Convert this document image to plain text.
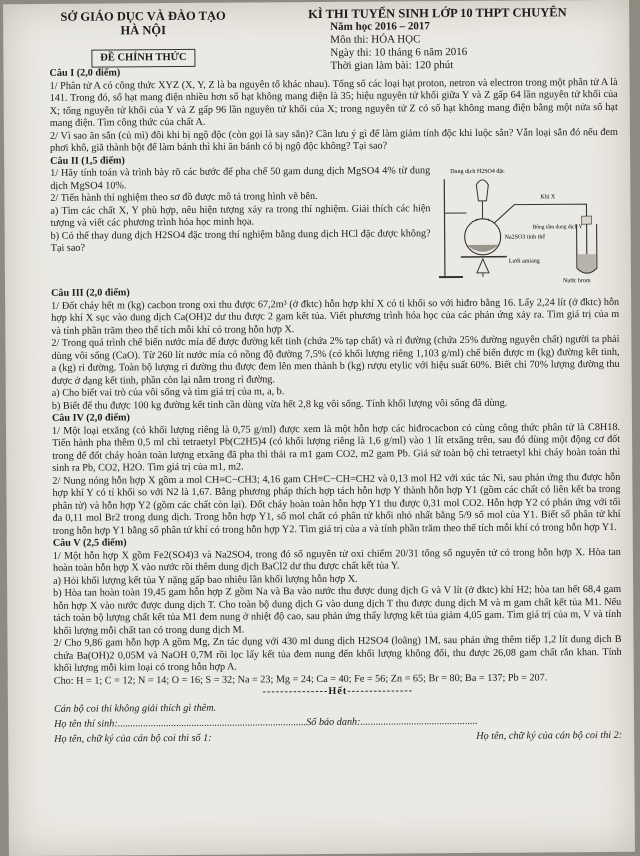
SỞ GIÁO DỤC VÀ ĐÀO TẠO
HÀ NỘI
ĐỀ CHÍNH THỨC
KÌ THI TUYỂN SINH LỚP 10 THPT CHUYÊN
Năm học 2016 – 2017
Môn thi: HÓA HỌC
Ngày thi: 10 tháng 6 năm 2016
Thời gian làm bài: 120 phút

Câu I (2,0 điểm)

1/ Phân tử A có công thức XYZ (X, Y, Z là ba nguyên tố khác nhau). Tổng số các loại hạt proton, netron và electron trong một phân tử A là 141. Trong đó, số hạt mang điện nhiều hơn số hạt không mang điện là 35; hiệu nguyên tử khối giữa Y và Z gấp 64 lần nguyên tử khối của X; tổng nguyên tử khối của Y và Z gấp 96 lần nguyên tử khối của X; trong nguyên tử Z có số hạt không mang điện bằng một nửa số hạt mang điện. Tìm công thức của chất A.

2/ Vì sao ăn sắn (củ mì) đôi khi bị ngộ độc (còn gọi là say sắn)? Cần lưu ý gì để làm giảm tính độc khi luộc sắn? Vẫn loại sắn đó nếu đem phơi khô, giã thành bột để làm bánh thì khi ăn bánh có bị ngộ độc không? Tại sao?

Câu II (1,5 điểm)

Dung dịch H2SO4 đặc
Khí X
Na2SO3 tinh thể
Lưới amiang
Bông tẩm dung dịch Y
Nước brom

1/ Hãy tính toán và trình bày rõ các bước để pha chế 50 gam dung dịch MgSO4 4% từ dung dịch MgSO4 10%.

2/ Tiến hành thí nghiệm theo sơ đồ được mô tả trong hình vẽ bên.

a) Tìm các chất X, Y phù hợp, nêu hiện tượng xảy ra trong thí nghiệm. Giải thích các hiện tượng và viết các phương trình hóa học minh họa.

b) Có thể thay dung dịch H2SO4 đặc trong thí nghiệm bằng dung dịch HCl đặc được không? Tại sao?

Câu III (2,0 điểm)

1/ Đốt cháy hết m (kg) cacbon trong oxi thu được 67,2m³ (ở đktc) hỗn hợp khí X có tỉ khối so với hiđro bằng 16. Lấy 2,24 lít (ở đktc) hỗn hợp khí X sục vào dung dịch Ca(OH)2 dư thu được 2 gam kết tủa. Viết phương trình hóa học của các phản ứng xảy ra. Tìm giá trị của m và tính phần trăm theo thể tích mỗi khí có trong hỗn hợp X.

2/ Trong quá trình chế biến nước mía để được đường kết tinh (chứa 2% tạp chất) và rỉ đường (chứa 25% đường nguyên chất) người ta phải dùng vôi sống (CaO). Từ 260 lít nước mía có nồng độ đường 7,5% (có khối lượng riêng 1,103 g/ml) chế biến được m (kg) đường kết tinh, a (kg) rỉ đường. Toàn bộ lượng rỉ đường thu được đem lên men thành b (kg) rượu etylic với hiệu suất 60%. Biết chỉ 70% lượng đường thu được ở dạng kết tinh, phần còn lại nằm trong rỉ đường.

a) Cho biết vai trò của vôi sống và tìm giá trị của m, a, b.

b) Biết để thu được 100 kg đường kết tinh cần dùng vừa hết 2,8 kg vôi sống. Tính khối lượng vôi sống đã dùng.

Câu IV (2,0 điểm)

1/ Một loại etxăng (có khối lượng riêng là 0,75 g/ml) được xem là một hỗn hợp các hiđrocacbon có cùng công thức phân tử là C8H18. Tiến hành pha thêm 0,5 ml chì tetraetyl Pb(C2H5)4 (có khối lượng riêng là 1,6 g/ml) vào 1 lít etxăng trên, sau đó dùng một động cơ đốt trong để đốt cháy hoàn toàn lượng etxăng đã pha thì thải ra m1 gam CO2, m2 gam Pb. Giả sử toàn bộ chì tetraetyl khi cháy hoàn toàn thì sinh ra Pb, CO2, H2O. Tìm giá trị của m1, m2.

2/ Nung nóng hỗn hợp X gồm a mol CH≡C−CH3; 4,16 gam CH≡C−CH=CH2 và 0,13 mol H2 với xúc tác Ni, sau phản ứng thu được hỗn hợp khí Y có tỉ khối so với N2 là 1,67. Bằng phương pháp thích hợp tách hỗn hợp Y thành hỗn hợp Y1 (gồm các chất có liên kết ba trong phân tử) và hỗn hợp Y2 (gồm các chất còn lại). Đốt cháy hoàn toàn hỗn hợp Y1 thu được 0,31 mol CO2. Hỗn hợp Y2 có phản ứng với tối đa 0,11 mol Br2 trong dung dịch. Trong hỗn hợp Y1, số mol chất có phân tử khối nhỏ nhất bằng 5/9 số mol của Y1. Biết số phân tử khí trong hỗn hợp Y1 bằng số phân tử khí có trong hỗn hợp Y2. Tìm giá trị của a và tính phần trăm theo thể tích mỗi khí có trong hỗn hợp Y1.

Câu V (2,5 điểm)

1/ Một hỗn hợp X gồm Fe2(SO4)3 và Na2SO4, trong đó số nguyên tử oxi chiếm 20/31 tổng số nguyên tử có trong hỗn hợp X. Hòa tan hoàn toàn hỗn hợp X vào nước rồi thêm dung dịch BaCl2 dư thu được chất kết tủa Y.

a) Hỏi khối lượng kết tủa Y nặng gấp bao nhiêu lần khối lượng hỗn hợp X.

b) Hòa tan hoàn toàn 19,45 gam hỗn hợp Z gồm Na và Ba vào nước thu được dung dịch G và V lít (ở đktc) khí H2; hòa tan hết 68,4 gam hỗn hợp X vào nước được dung dịch T. Cho toàn bộ dung dịch G vào dung dịch T thu được dung dịch M và m gam chất kết tủa M1. Nếu tách toàn bộ lượng chất kết tủa M1 đem nung ở nhiệt độ cao, sau phản ứng thấy lượng kết tủa giảm 4,05 gam. Tìm giá trị của m, V và tính khối lượng mỗi chất tan có trong dung dịch M.

2/ Cho 9,86 gam hỗn hợp A gồm Mg, Zn tác dụng với 430 ml dung dịch H2SO4 (loãng) 1M, sau phản ứng thêm tiếp 1,2 lít dung dịch B chứa Ba(OH)2 0,05M và NaOH 0,7M rồi lọc lấy kết tủa đem nung đến khối lượng không đổi, thu được 26,08 gam chất rắn khan. Tính khối lượng mỗi kim loại có trong hỗn hợp A.

Cho: H = 1; C = 12; N = 14; O = 16; S = 32; Na = 23; Mg = 24; Ca = 40; Fe = 56; Zn = 65; Br = 80; Ba = 137; Pb = 207.

---------------Hết---------------

Cán bộ coi thi không giải thích gì thêm.

Họ tên thí sinh:..........................................................................Số báo danh:..............................................

Họ tên, chữ ký của cán bộ coi thi số 1:	Họ tên, chữ ký của cán bộ coi thi 2:
